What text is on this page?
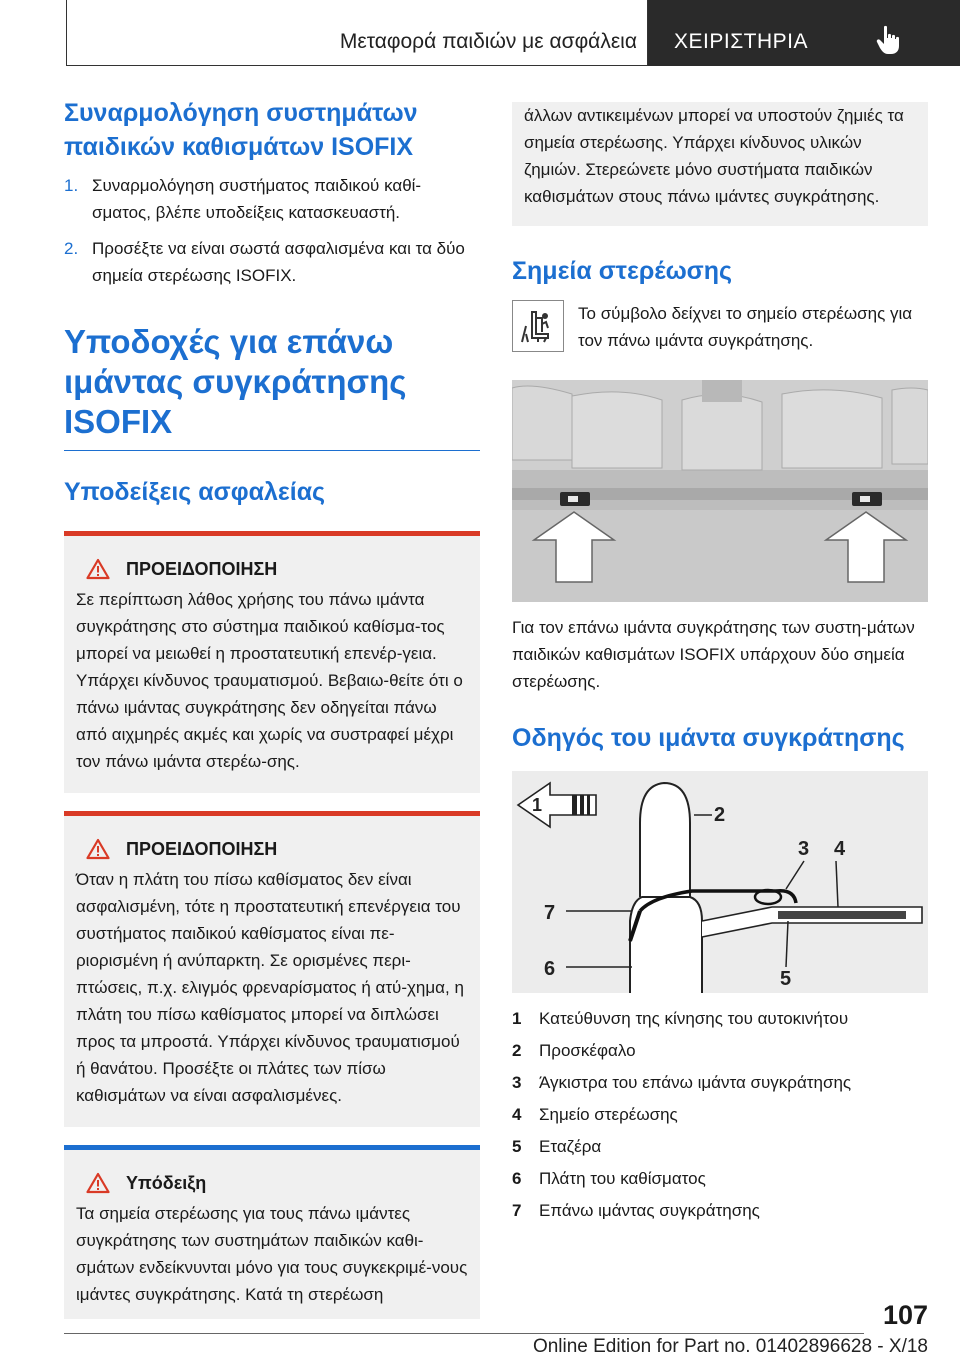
Μεταφορά παιδιών με ασφάλεια ΧΕΙΡΙΣΤΗΡΙΑ
Συναρμολόγηση συστημάτων παιδικών καθισμάτων ISOFIX
1. Συναρμολόγηση συστήματος παιδικού καθί-σματος, βλέπε υποδείξεις κατασκευαστή.
2. Προσέξτε να είναι σωστά ασφαλισμένα και τα δύο σημεία στερέωσης ISOFIX.
Υποδοχές για επάνω ιμάντας συγκράτησης ISOFIX
Υποδείξεις ασφαλείας
ΠΡΟΕΙΔΟΠΟΙΗΣΗ

Σε περίπτωση λάθος χρήσης του πάνω ιμάντα συγκράτησης στο σύστημα παιδικού καθίσμα-τος μπορεί να μειωθεί η προστατευτική επενέρ-γεια. Υπάρχει κίνδυνος τραυματισμού. Βεβαιω-θείτε ότι ο πάνω ιμάντας συγκράτησης δεν οδηγείται πάνω από αιχμηρές ακμές και χωρίς να συστραφεί μέχρι τον πάνω ιμάντα στερέω-σης.

ΠΡΟΕΙΔΟΠΟΙΗΣΗ

Όταν η πλάτη του πίσω καθίσματος δεν είναι ασφαλισμένη, τότε η προστατευτική επενέργεια του συστήματος παιδικού καθίσματος είναι πε-ριορισμένη ή ανύπαρκτη. Σε ορισμένες περι-πτώσεις, π.χ. ελιγμός φρεναρίσματος ή ατύ-χημα, η πλάτη του πίσω καθίσματος μπορεί να διπλώσει προς τα μπροστά. Υπάρχει κίνδυνος τραυματισμού ή θανάτου. Προσέξτε οι πλάτες των πίσω καθισμάτων να είναι ασφαλισμένες.

Υπόδειξη

Τα σημεία στερέωσης για τους πάνω ιμάντες συγκράτησης των συστημάτων παιδικών καθι-σμάτων ενδείκνυνται μόνο για τους συγκεκριμέ-νους ιμάντες συγκράτησης. Κατά τη στερέωση

άλλων αντικειμένων μπορεί να υποστούν ζημιές τα σημεία στερέωσης. Υπάρχει κίνδυνος υλικών ζημιών. Στερεώνετε μόνο συστήματα παιδικών καθισμάτων στους πάνω ιμάντες συγκράτησης.

Σημεία στερέωσης

Το σύμβολο δείχνει το σημείο στερέωσης για τον πάνω ιμάντα συγκράτησης.

Για τον επάνω ιμάντα συγκράτησης των συστη-μάτων παιδικών καθισμάτων ISOFIX υπάρχουν δύο σημεία στερέωσης.

Οδηγός του ιμάντα συγκράτησης
1	2
3 4
5
6
7
1	Κατεύθυνση της κίνησης του αυτοκινήτου
2	Προσκέφαλο
3	Άγκιστρα του επάνω ιμάντα συγκράτησης
4	Σημείο στερέωσης
5	Εταζέρα
6	Πλάτη του καθίσματος
7	Επάνω ιμάντας συγκράτησης
107
Online Edition for Part no. 01402896628 - X/18
